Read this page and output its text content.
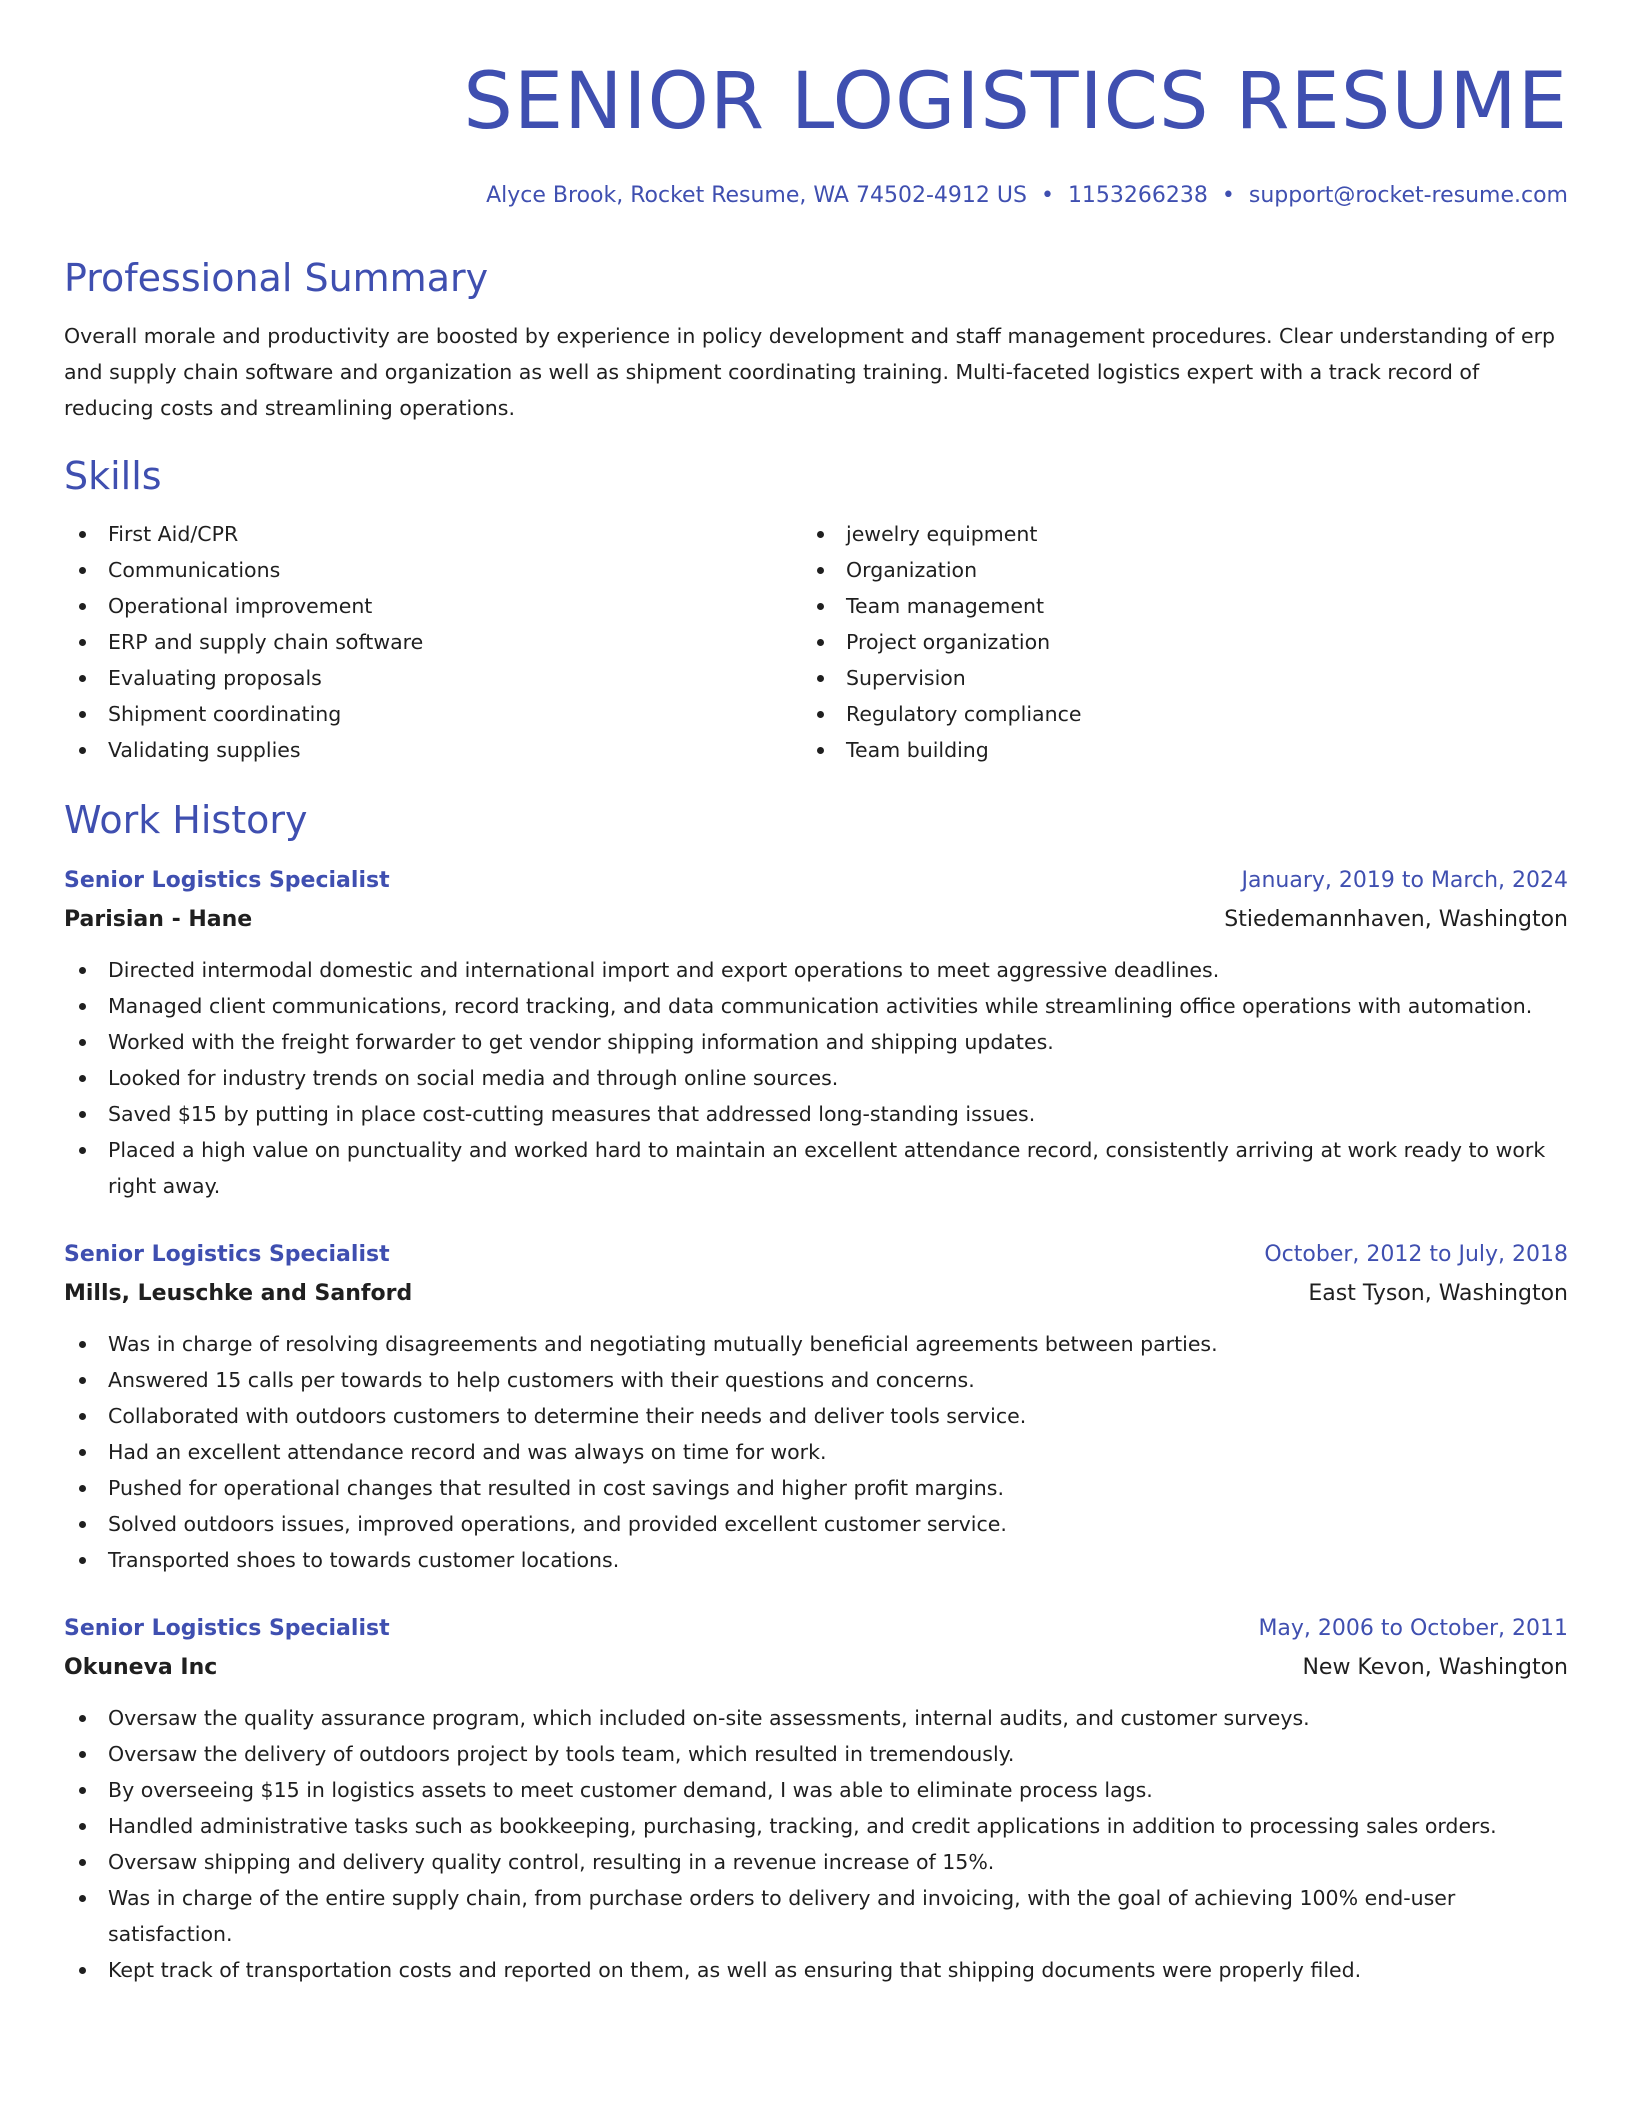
SENIOR LOGISTICS RESUME
Alyce Brook, Rocket Resume, WA 74502-4912 US • 1153266238 • support@rocket-resume.com
Professional Summary

Overall morale and productivity are boosted by experience in policy development and staff management procedures. Clear understanding of erp and supply chain software and organization as well as shipment coordinating training. Multi-faceted logistics expert with a track record of reducing costs and streamlining operations.

Skills
First Aid/CPR
Communications
Operational improvement
ERP and supply chain software
Evaluating proposals
Shipment coordinating
Validating supplies
jewelry equipment
Organization
Team management
Project organization
Supervision
Regulatory compliance
Team building
Work History
Senior Logistics Specialist	January, 2019 to March, 2024
Parisian - Hane	Stiedemannhaven, Washington
Directed intermodal domestic and international import and export operations to meet aggressive deadlines.
Managed client communications, record tracking, and data communication activities while streamlining office operations with automation.
Worked with the freight forwarder to get vendor shipping information and shipping updates.
Looked for industry trends on social media and through online sources.
Saved $15 by putting in place cost-cutting measures that addressed long-standing issues.
Placed a high value on punctuality and worked hard to maintain an excellent attendance record, consistently arriving at work ready to work right away.
Senior Logistics Specialist	October, 2012 to July, 2018
Mills, Leuschke and Sanford	East Tyson, Washington
Was in charge of resolving disagreements and negotiating mutually beneficial agreements between parties.
Answered 15 calls per towards to help customers with their questions and concerns.
Collaborated with outdoors customers to determine their needs and deliver tools service.
Had an excellent attendance record and was always on time for work.
Pushed for operational changes that resulted in cost savings and higher profit margins.
Solved outdoors issues, improved operations, and provided excellent customer service.
Transported shoes to towards customer locations.
Senior Logistics Specialist	May, 2006 to October, 2011
Okuneva Inc	New Kevon, Washington
Oversaw the quality assurance program, which included on-site assessments, internal audits, and customer surveys.
Oversaw the delivery of outdoors project by tools team, which resulted in tremendously.
By overseeing $15 in logistics assets to meet customer demand, I was able to eliminate process lags.
Handled administrative tasks such as bookkeeping, purchasing, tracking, and credit applications in addition to processing sales orders.
Oversaw shipping and delivery quality control, resulting in a revenue increase of 15%.
Was in charge of the entire supply chain, from purchase orders to delivery and invoicing, with the goal of achieving 100% end-user satisfaction.
Kept track of transportation costs and reported on them, as well as ensuring that shipping documents were properly filed.
